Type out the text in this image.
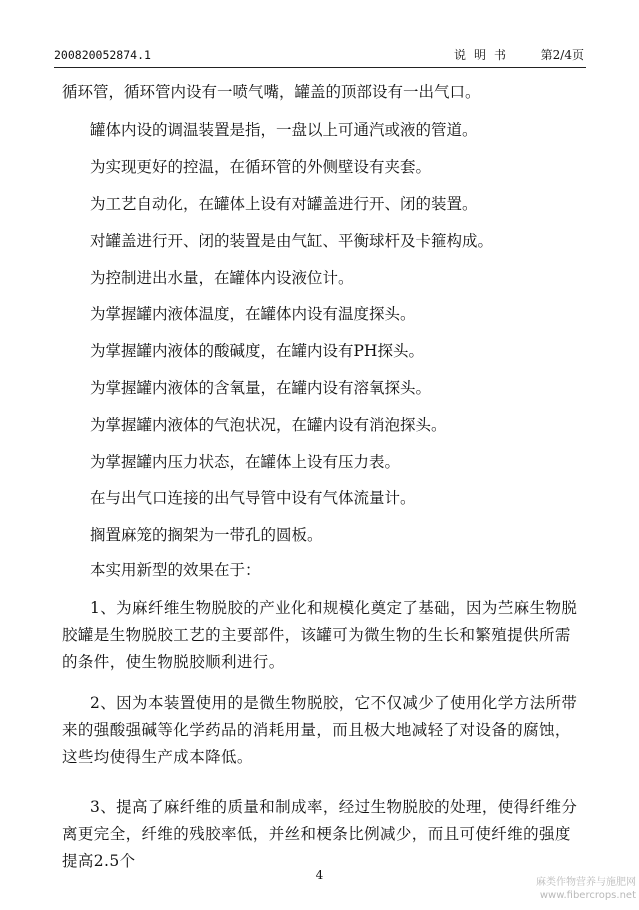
200820052874.1	说明书 第2/4页
循环管，循环管内设有一喷气嘴，罐盖的顶部设有一出气口。
罐体内设的调温装置是指，一盘以上可通汽或液的管道。
为实现更好的控温，在循环管的外侧壁设有夹套。
为工艺自动化，在罐体上设有对罐盖进行开、闭的装置。
对罐盖进行开、闭的装置是由气缸、平衡球杆及卡箍构成。
为控制进出水量，在罐体内设液位计。
为掌握罐内液体温度，在罐体内设有温度探头。
为掌握罐内液体的酸碱度，在罐内设有PH探头。
为掌握罐内液体的含氧量，在罐内设有溶氧探头。
为掌握罐内液体的气泡状况，在罐内设有消泡探头。
为掌握罐内压力状态，在罐体上设有压力表。
在与出气口连接的出气导管中设有气体流量计。
搁置麻笼的搁架为一带孔的圆板。
本实用新型的效果在于：
1、为麻纤维生物脱胶的产业化和规模化奠定了基础，因为苎麻生物脱胶罐是生物脱胶工艺的主要部件，该罐可为微生物的生长和繁殖提供所需的条件，使生物脱胶顺利进行。
2、因为本装置使用的是微生物脱胶，它不仅减少了使用化学方法所带来的强酸强碱等化学药品的消耗用量，而且极大地减轻了对设备的腐蚀，这些均使得生产成本降低。
3、提高了麻纤维的质量和制成率，经过生物脱胶的处理，使得纤维分离更完全，纤维的残胶率低，并丝和梗条比例减少，而且可使纤维的强度提高2.5个
4
麻类作物营养与施肥网
www.fibercrops.net
